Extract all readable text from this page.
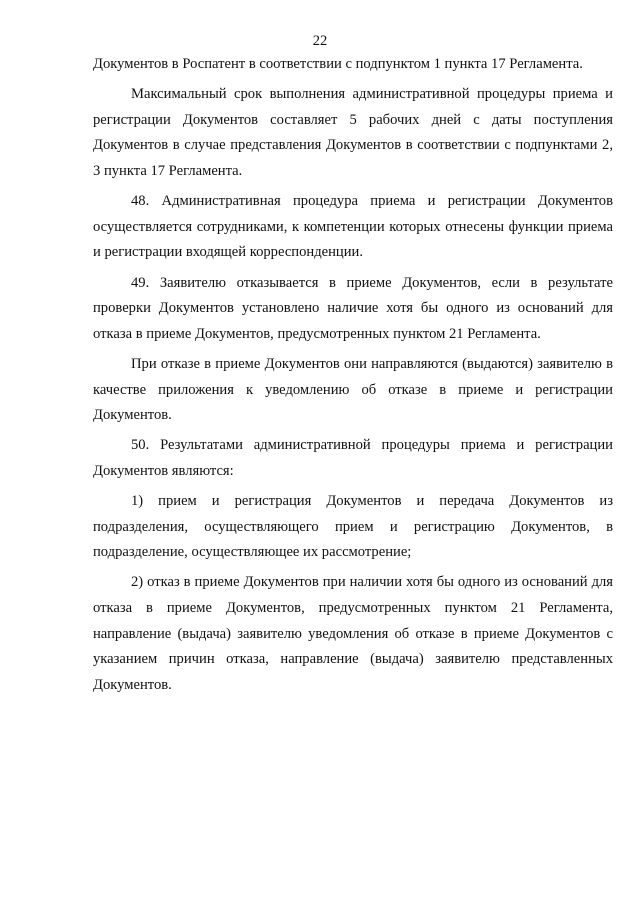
22

Документов в Роспатент в соответствии с подпунктом 1 пункта 17 Регламента.

Максимальный срок выполнения административной процедуры приема и регистрации Документов составляет 5 рабочих дней с даты поступления Документов в случае представления Документов в соответствии с подпунктами 2, 3 пункта 17 Регламента.

48. Административная процедура приема и регистрации Документов осуществляется сотрудниками, к компетенции которых отнесены функции приема и регистрации входящей корреспонденции.

49. Заявителю отказывается в приеме Документов, если в результате проверки Документов установлено наличие хотя бы одного из оснований для отказа в приеме Документов, предусмотренных пунктом 21 Регламента.

При отказе в приеме Документов они направляются (выдаются) заявителю в качестве приложения к уведомлению об отказе в приеме и регистрации Документов.

50. Результатами административной процедуры приема и регистрации Документов являются:

1) прием и регистрация Документов и передача Документов из подразделения, осуществляющего прием и регистрацию Документов, в подразделение, осуществляющее их рассмотрение;

2) отказ в приеме Документов при наличии хотя бы одного из оснований для отказа в приеме Документов, предусмотренных пунктом 21 Регламента, направление (выдача) заявителю уведомления об отказе в приеме Документов с указанием причин отказа, направление (выдача) заявителю представленных Документов.
